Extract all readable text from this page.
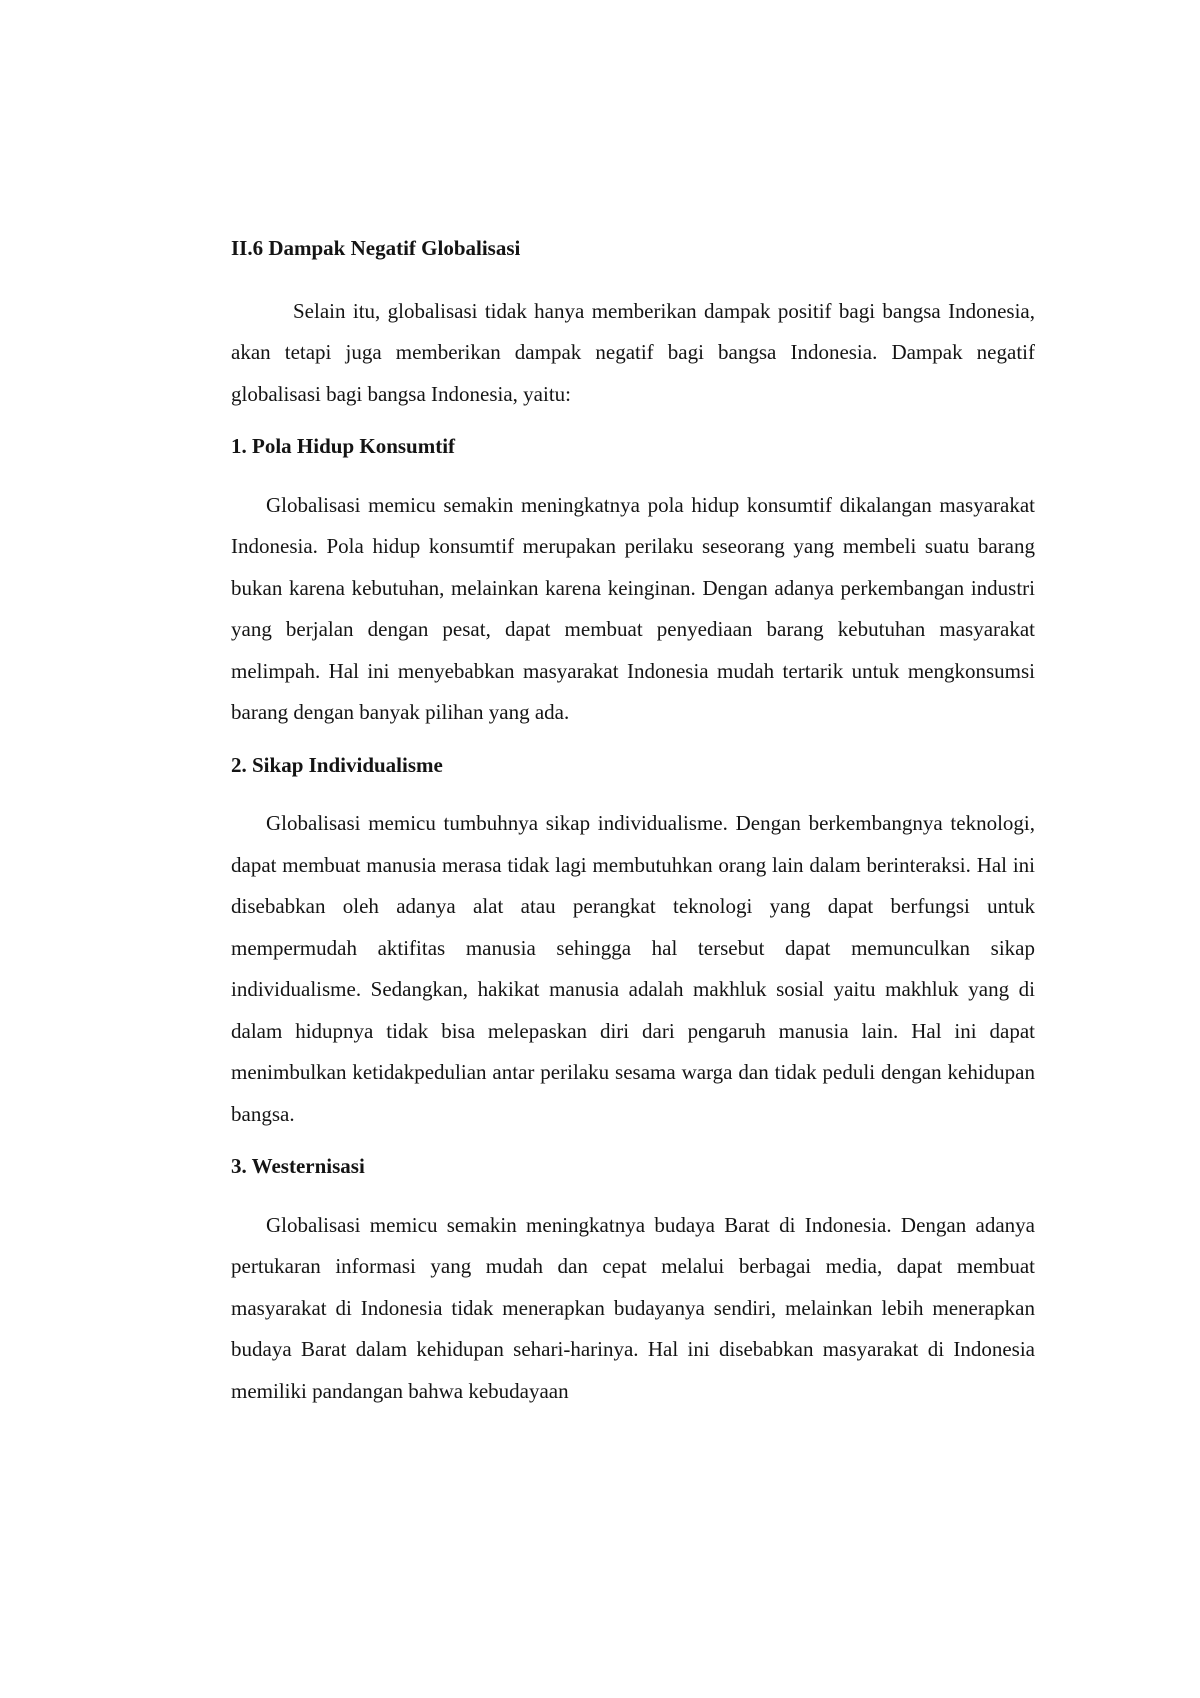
II.6 Dampak Negatif Globalisasi

Selain itu, globalisasi tidak hanya memberikan dampak positif bagi bangsa Indonesia, akan tetapi juga memberikan dampak negatif bagi bangsa Indonesia. Dampak negatif globalisasi bagi bangsa Indonesia, yaitu:

1. Pola Hidup Konsumtif

Globalisasi memicu semakin meningkatnya pola hidup konsumtif dikalangan masyarakat Indonesia. Pola hidup konsumtif merupakan perilaku seseorang yang membeli suatu barang bukan karena kebutuhan, melainkan karena keinginan. Dengan adanya perkembangan industri yang berjalan dengan pesat, dapat membuat penyediaan barang kebutuhan masyarakat melimpah. Hal ini menyebabkan masyarakat Indonesia mudah tertarik untuk mengkonsumsi barang dengan banyak pilihan yang ada.

2. Sikap Individualisme

Globalisasi memicu tumbuhnya sikap individualisme. Dengan berkembangnya teknologi, dapat membuat manusia merasa tidak lagi membutuhkan orang lain dalam berinteraksi. Hal ini disebabkan oleh adanya alat atau perangkat teknologi yang dapat berfungsi untuk mempermudah aktifitas manusia sehingga hal tersebut dapat memunculkan sikap individualisme. Sedangkan, hakikat manusia adalah makhluk sosial yaitu makhluk yang di dalam hidupnya tidak bisa melepaskan diri dari pengaruh manusia lain. Hal ini dapat menimbulkan ketidakpedulian antar perilaku sesama warga dan tidak peduli dengan kehidupan bangsa.

3. Westernisasi

Globalisasi memicu semakin meningkatnya budaya Barat di Indonesia. Dengan adanya pertukaran informasi yang mudah dan cepat melalui berbagai media, dapat membuat masyarakat di Indonesia tidak menerapkan budayanya sendiri, melainkan lebih menerapkan budaya Barat dalam kehidupan sehari-harinya. Hal ini disebabkan masyarakat di Indonesia memiliki pandangan bahwa kebudayaan
